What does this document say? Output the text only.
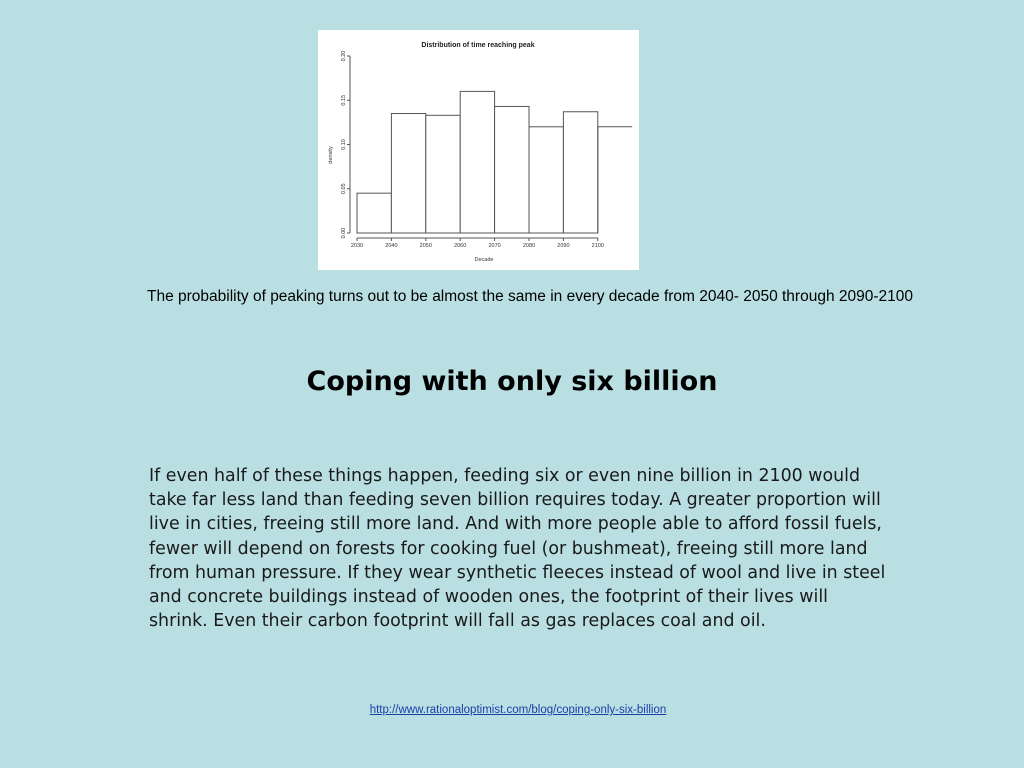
Distribution of time reaching peak
0.00
0.05
0.10
0.15
0.20
density
2030	2040	2050	2060	2070	2080	2090	2100
Decade
The probability of peaking turns out to be almost the same in every decade from 2040- 2050 through 2090-2100
Coping with only six billion
If even half of these things happen, feeding six or even nine billion in 2100 would take far less land than feeding seven billion requires today. A greater proportion will live in cities, freeing still more land. And with more people able to afford fossil fuels, fewer will depend on forests for cooking fuel (or bushmeat), freeing still more land from human pressure. If they wear synthetic fleeces instead of wool and live in steel and concrete buildings instead of wooden ones, the footprint of their lives will shrink. Even their carbon footprint will fall as gas replaces coal and oil.
http://www.rationaloptimist.com/blog/coping-only-six-billion
